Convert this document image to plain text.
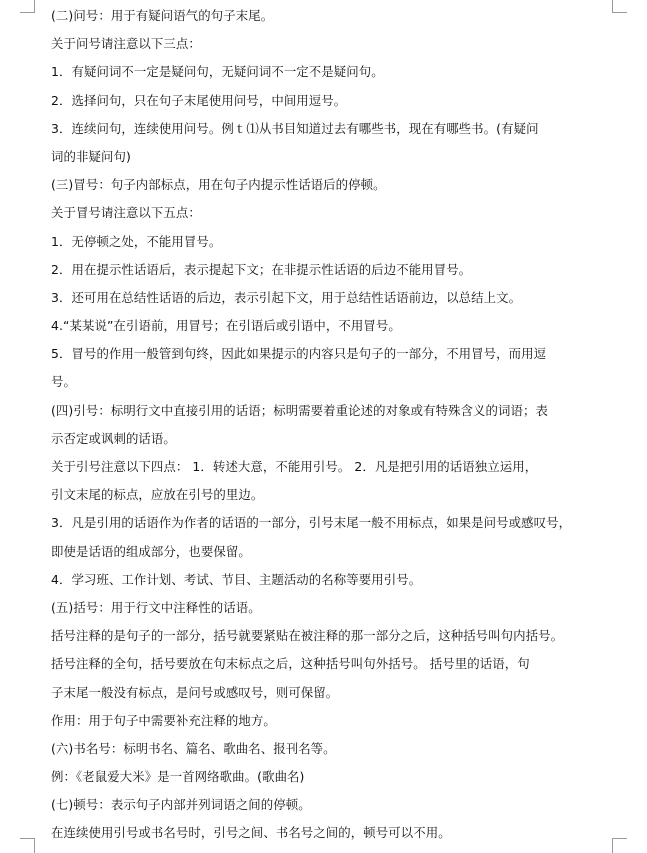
(二)问号：用于有疑问语气的句子末尾。
关于问号请注意以下三点：
1．有疑问词不一定是疑问句，无疑问词不一定不是疑问句。
2．选择问句，只在句子末尾使用问号，中间用逗号。
3．连续问句，连续使用问号。例ｔ⑴从书目知道过去有哪些书，现在有哪些书。(有疑问
词的非疑问句)
(三)冒号：句子内部标点，用在句子内提示性话语后的停顿。
关于冒号请注意以下五点：
1．无停顿之处，不能用冒号。
2．用在提示性话语后，表示提起下文；在非提示性话语的后边不能用冒号。
3．还可用在总结性话语的后边，表示引起下文，用于总结性话语前边，以总结上文。
4.“某某说”在引语前，用冒号；在引语后或引语中，不用冒号。
5．冒号的作用一般管到句终，因此如果提示的内容只是句子的一部分，不用冒号，而用逗
号。
(四)引号：标明行文中直接引用的话语；标明需要着重论述的对象或有特殊含义的词语；表
示否定或讽刺的话语。
关于引号注意以下四点： 1．转述大意，不能用引号。 2．凡是把引用的话语独立运用，
引文末尾的标点，应放在引号的里边。
3．凡是引用的话语作为作者的话语的一部分，引号末尾一般不用标点，如果是问号或感叹号，
即使是话语的组成部分，也要保留。
4．学习班、工作计划、考试、节目、主题活动的名称等要用引号。
(五)括号：用于行文中注释性的话语。
括号注释的是句子的一部分，括号就要紧贴在被注释的那一部分之后，这种括号叫句内括号。
括号注释的全句，括号要放在句末标点之后，这种括号叫句外括号。 括号里的话语，句
子末尾一般没有标点，是问号或感叹号，则可保留。
作用：用于句子中需要补充注释的地方。
(六)书名号：标明书名、篇名、歌曲名、报刊名等。
例：《老鼠爱大米》是一首网络歌曲。(歌曲名)
(七)顿号：表示句子内部并列词语之间的停顿。
在连续使用引号或书名号时，引号之间、书名号之间的，顿号可以不用。
